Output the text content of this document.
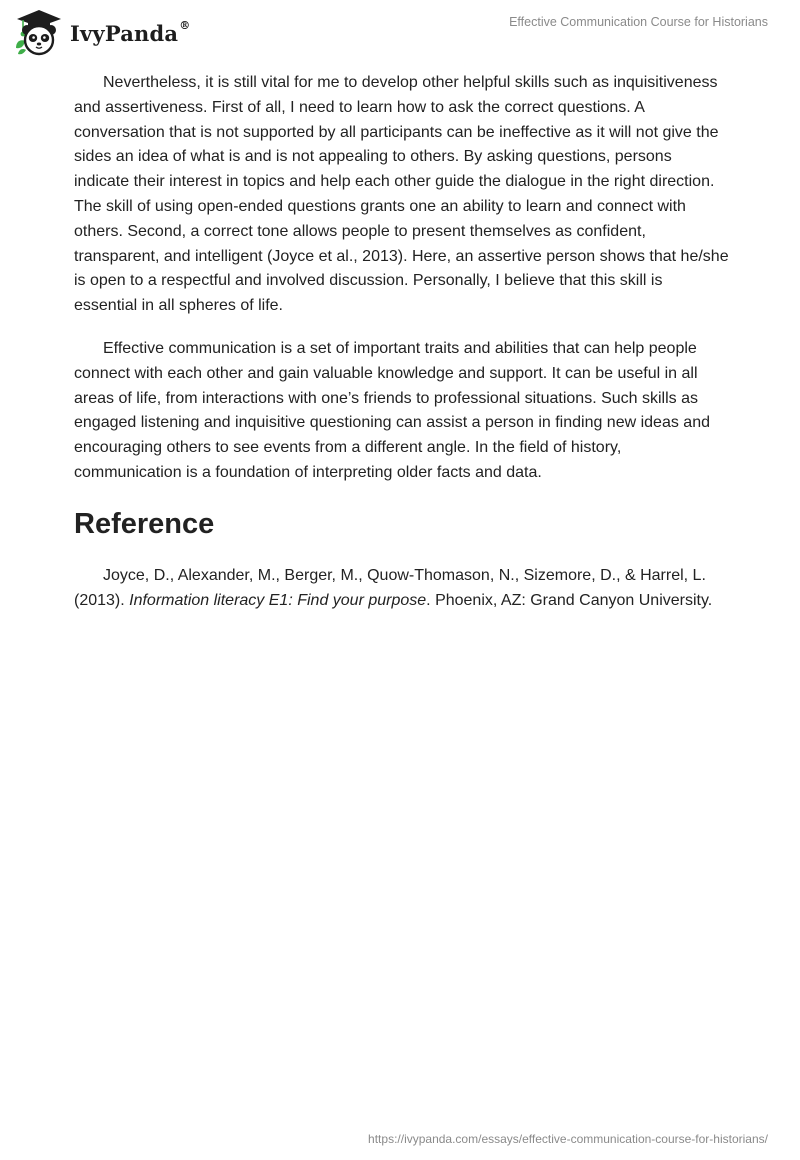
IvyPanda®	Effective Communication Course for Historians

Nevertheless, it is still vital for me to develop other helpful skills such as inquisitiveness and assertiveness. First of all, I need to learn how to ask the correct questions. A conversation that is not supported by all participants can be ineffective as it will not give the sides an idea of what is and is not appealing to others. By asking questions, persons indicate their interest in topics and help each other guide the dialogue in the right direction. The skill of using open-ended questions grants one an ability to learn and connect with others. Second, a correct tone allows people to present themselves as confident, transparent, and intelligent (Joyce et al., 2013). Here, an assertive person shows that he/she is open to a respectful and involved discussion. Personally, I believe that this skill is essential in all spheres of life.

Effective communication is a set of important traits and abilities that can help people connect with each other and gain valuable knowledge and support. It can be useful in all areas of life, from interactions with one’s friends to professional situations. Such skills as engaged listening and inquisitive questioning can assist a person in finding new ideas and encouraging others to see events from a different angle. In the field of history, communication is a foundation of interpreting older facts and data.

Reference

Joyce, D., Alexander, M., Berger, M., Quow-Thomason, N., Sizemore, D., & Harrel, L. (2013). Information literacy E1: Find your purpose. Phoenix, AZ: Grand Canyon University.

https://ivypanda.com/essays/effective-communication-course-for-historians/
